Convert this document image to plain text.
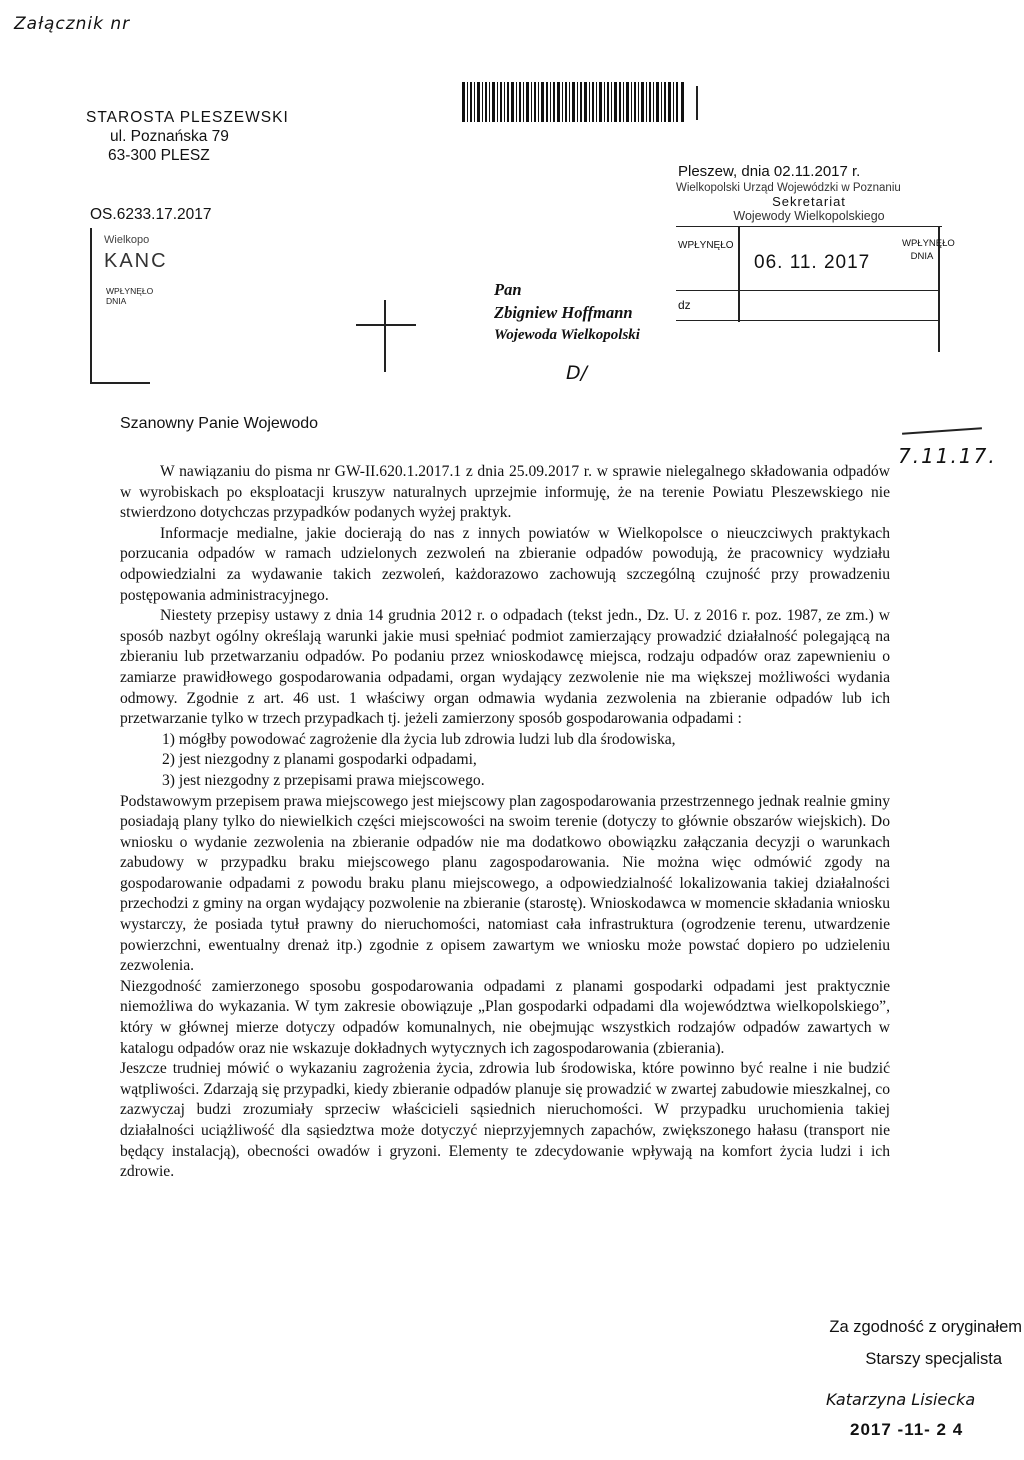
Załącznik nr
STAROSTA PLESZEWSKI
ul. Poznańska 79
63-300 PLESZ
OS.6233.17.2017
Wielkopo
KANC
WPŁYNĘŁO DNIA
Pleszew, dnia 02.11.2017 r.
Wielkopolski Urząd Wojewódzki w Poznaniu
Sekretariat
Wojewody Wielkopolskiego
WPŁYNĘŁO
06. 11. 2017
WPŁYNĘŁO DNIA
dz
Pan
Zbigniew Hoffmann
Wojewoda Wielkopolski
D/
Szanowny Panie Wojewodo
7.11.17.

W nawiązaniu do pisma nr GW-II.620.1.2017.1 z dnia 25.09.2017 r. w sprawie nielegalnego składowania odpadów w wyrobiskach po eksploatacji kruszyw naturalnych uprzejmie informuję, że na terenie Powiatu Pleszewskiego nie stwierdzono dotychczas przypadków podanych wyżej praktyk.

Informacje medialne, jakie docierają do nas z innych powiatów w Wielkopolsce o nieuczciwych praktykach porzucania odpadów w ramach udzielonych zezwoleń na zbieranie odpadów powodują, że pracownicy wydziału odpowiedzialni za wydawanie takich zezwoleń, każdorazowo zachowują szczególną czujność przy prowadzeniu postępowania administracyjnego.

Niestety przepisy ustawy z dnia 14 grudnia 2012 r. o odpadach (tekst jedn., Dz. U. z 2016 r. poz. 1987, ze zm.) w sposób nazbyt ogólny określają warunki jakie musi spełniać podmiot zamierzający prowadzić działalność polegającą na zbieraniu lub przetwarzaniu odpadów. Po podaniu przez wnioskodawcę miejsca, rodzaju odpadów oraz zapewnieniu o zamiarze prawidłowego gospodarowania odpadami, organ wydający zezwolenie nie ma większej możliwości wydania odmowy. Zgodnie z art. 46 ust. 1 właściwy organ odmawia wydania zezwolenia na zbieranie odpadów lub ich przetwarzanie tylko w trzech przypadkach tj. jeżeli zamierzony sposób gospodarowania odpadami :

1) mógłby powodować zagrożenie dla życia lub zdrowia ludzi lub dla środowiska,

2) jest niezgodny z planami gospodarki odpadami,

3) jest niezgodny z przepisami prawa miejscowego.

Podstawowym przepisem prawa miejscowego jest miejscowy plan zagospodarowania przestrzennego jednak realnie gminy posiadają plany tylko do niewielkich części miejscowości na swoim terenie (dotyczy to głównie obszarów wiejskich). Do wniosku o wydanie zezwolenia na zbieranie odpadów nie ma dodatkowo obowiązku załączania decyzji o warunkach zabudowy w przypadku braku miejscowego planu zagospodarowania. Nie można więc odmówić zgody na gospodarowanie odpadami z powodu braku planu miejscowego, a odpowiedzialność lokalizowania takiej działalności przechodzi z gminy na organ wydający pozwolenie na zbieranie (starostę). Wnioskodawca w momencie składania wniosku wystarczy, że posiada tytuł prawny do nieruchomości, natomiast cała infrastruktura (ogrodzenie terenu, utwardzenie powierzchni, ewentualny drenaż itp.) zgodnie z opisem zawartym we wniosku może powstać dopiero po udzieleniu zezwolenia.

Niezgodność zamierzonego sposobu gospodarowania odpadami z planami gospodarki odpadami jest praktycznie niemożliwa do wykazania. W tym zakresie obowiązuje „Plan gospodarki odpadami dla województwa wielkopolskiego”, który w głównej mierze dotyczy odpadów komunalnych, nie obejmując wszystkich rodzajów odpadów zawartych w katalogu odpadów oraz nie wskazuje dokładnych wytycznych ich zagospodarowania (zbierania).

Jeszcze trudniej mówić o wykazaniu zagrożenia życia, zdrowia lub środowiska, które powinno być realne i nie budzić wątpliwości. Zdarzają się przypadki, kiedy zbieranie odpadów planuje się prowadzić w zwartej zabudowie mieszkalnej, co zazwyczaj budzi zrozumiały sprzeciw właścicieli sąsiednich nieruchomości. W przypadku uruchomienia takiej działalności uciążliwość dla sąsiedztwa może dotyczyć nieprzyjemnych zapachów, zwiększonego hałasu (transport nie będący instalacją), obecności owadów i gryzoni. Elementy te zdecydowanie wpływają na komfort życia ludzi i ich zdrowie.

Za zgodność z oryginałem
Starszy specjalista
Katarzyna Lisiecka
2017 -11- 2 4
